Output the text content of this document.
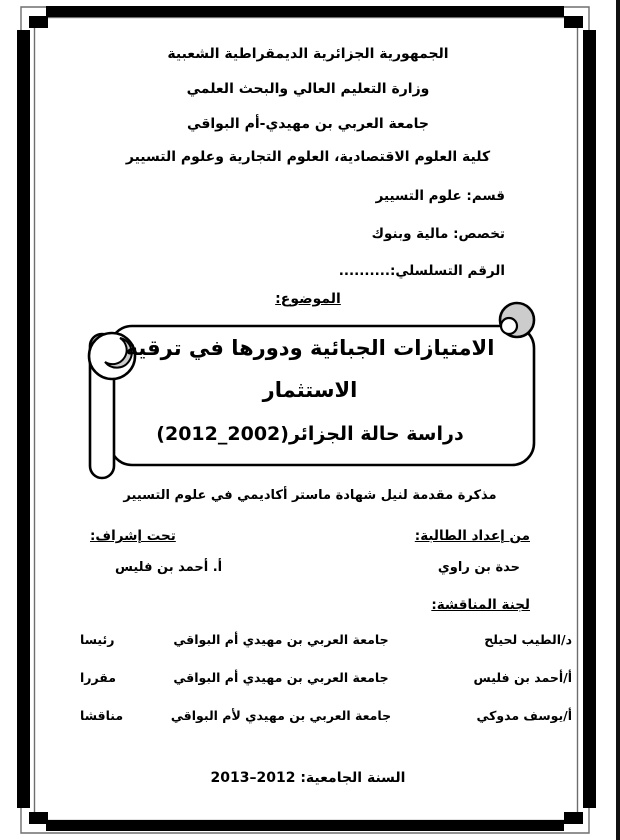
الجمهورية الجزائرية الديمقراطية الشعبية
وزارة التعليم العالي والبحث العلمي
جامعة العربي بن مهيدي-أم البواقي
كلية العلوم الاقتصادية، العلوم التجارية وعلوم التسيير
قسم: علوم التسيير
تخصص: مالية وبنوك
الرقم التسلسلي:..........
الموضوع:
الامتيازات الجبائية ودورها في ترقية
الاستثمار
دراسة حالة الجزائر(2002_2012)
مذكرة مقدمة لنيل شهادة ماستر أكاديمي في علوم التسيير
من إعداد الطالبة:
تحت إشراف:
حدة بن راوي
أ. أحمد بن فليس
لجنة المناقشة:
د/الطيب لحيلح
جامعة العربي بن مهيدي أم البواقي
رئيسا
أ/أحمد بن فليس
جامعة العربي بن مهيدي أم البواقي
مقررا
أ/يوسف مدوكي
جامعة العربي بن مهيدي لأم البواقي
مناقشا
السنة الجامعية: 2012–2013
